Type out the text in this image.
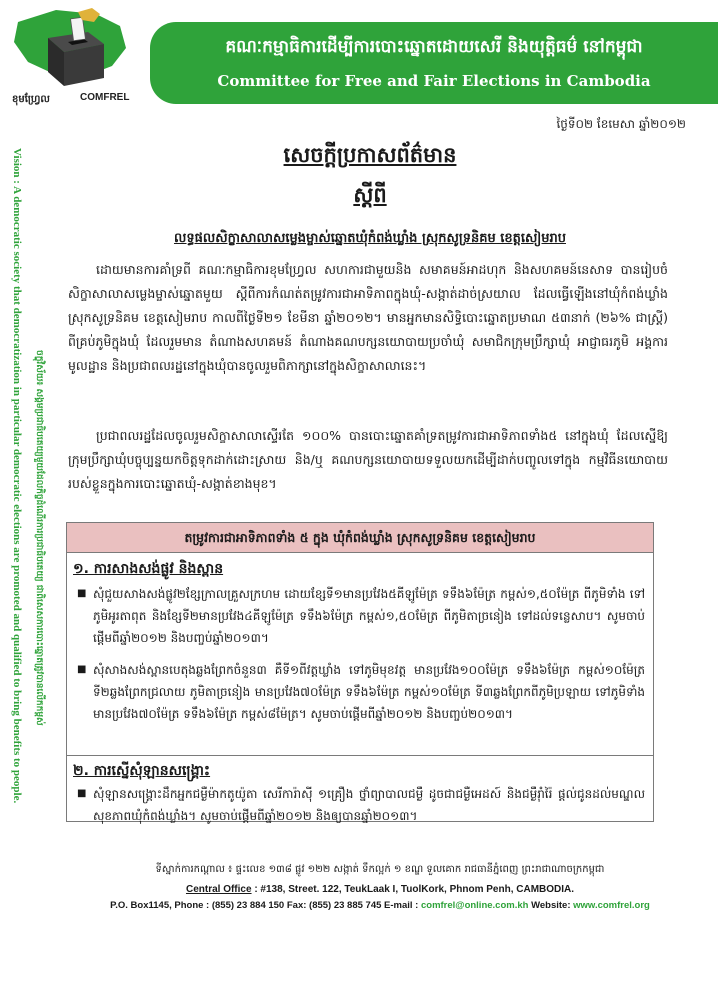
គណៈកម្មាធិការដើម្បីការបោះឆ្នោតដោយសេរី និងយុត្តិធម៌ នៅកម្ពុជា
Committee for Free and Fair Elections in Cambodia
ខុមហ្វ្រែល	COMFREL
ថ្ងៃទី០២ ខែមេសា ឆ្នាំ២០១២
Vision : A democratic society that democratization in particular democratic elections are promoted and qualified to bring benefits to people.	ចក្ខុវិស័យ៖ សង្គមប្រជាធិបតេយ្យមួយដែលកិច្ចដំណើរការប្រជាធិបតេយ្យ ជាពិសេសការបោះឆ្នោតត្រូវបានលើកកម្ពស់
សេចក្តីប្រកាសព័ត៌មាន
ស្តីពី
លទ្ធផលសិក្ខាសាលាសម្លេងម្ចាស់ឆ្នោតឃុំកំពង់ឃ្លាំង ស្រុកសូទ្រនិគម ខេត្តសៀមរាប
ដោយមានការគាំទ្រពី គណៈកម្មាធិការខុមហ្វ្រែល សហការជាមួយនិង សមាគមន៍អាដហុក និងសហគមន៍នេសាទ បានរៀបចំសិក្ខាសាលាសម្លេងម្ចាស់ឆ្នោតមួយ ស្តីពីការកំណត់តម្រូវការជាអាទិភាពក្នុងឃុំ-សង្កាត់ដាច់ស្រយាល ដែលធ្វើឡើងនៅឃុំកំពង់ឃ្លាំង ស្រុកសូទ្រនិគម ខេត្តសៀមរាប កាលពីថ្ងៃទី២១ ខែមីនា ឆ្នាំ២០១២។ មានអ្នកមានសិទ្ធិបោះឆ្នោតប្រមាណ ៥៣នាក់ (២៦% ជាស្ត្រី) ពីគ្រប់ភូមិក្នុងឃុំ ដែលរួមមាន តំណាងសហគមន៍ តំណាងគណបក្សនយោបាយប្រចាំឃុំ សមាជិកក្រុមប្រឹក្សាឃុំ អាជ្ញាធរភូមិ អង្គការមូលដ្ឋាន និងប្រជាពលរដ្ឋនៅក្នុងឃុំបានចូលរួមពិភាក្សានៅក្នុងសិក្ខាសាលានេះ។
ប្រជាពលរដ្ឋដែលចូលរួមសិក្ខាសាលាស្ទើរតែ ១០០% បានបោះឆ្នោតគាំទ្រតម្រូវការជាអាទិភាពទាំង៥ នៅក្នុងឃុំ ដែលស្នើឱ្យក្រុមប្រឹក្សាឃុំបច្ចុប្បន្នយកចិត្តទុកដាក់ដោះស្រាយ និង/ឬ គណបក្សនយោបាយទទួលយកដើម្បីដាក់បញ្ចូលទៅក្នុង កម្មវិធីនយោបាយរបស់ខ្លួនក្នុងការបោះឆ្នោតឃុំ-សង្កាត់ខាងមុខ។
តម្រូវការជាអាទិភាពទាំង ៥ ក្នុង ឃុំកំពង់ឃ្លាំង ស្រុកសូទ្រនិគម ខេត្តសៀមរាប
១. ការសាងសង់ផ្លូវ និងស្ពាន
■ សុំជួយសាងសង់ផ្លូវ២ខ្សែក្រាលគ្រួសក្រហម ដោយខ្សែទី១មានប្រវែង៥គីឡូម៉ែត្រ ទទឹង៦ម៉ែត្រ កម្ពស់១,៥០ម៉ែត្រ ពីភូមិទាំង ទៅភូមិអូរតាពុត និងខ្សែទី២មានប្រវែង៤គីឡូម៉ែត្រ ទទឹង៦ម៉ែត្រ កម្ពស់១,៥០ម៉ែត្រ ពីភូមិតាច្រនៀង ទៅដល់ទន្លេសាប។ សូមចាប់ផ្តើមពីឆ្នាំ២០១២ និងបញ្ចប់ឆ្នាំ២០១៣។
■ សុំសាងសង់ស្ពានបេតុងឆ្លងព្រែកចំនួន៣ គឺទី១ពីវត្តឃ្លាំង ទៅភូមិមុខវត្ត មានប្រវែង១០០ម៉ែត្រ ទទឹង៦ម៉ែត្រ កម្ពស់១០ម៉ែត្រ ទី២ឆ្លងព្រែកជ្រលាយ ភូមិតាច្រនៀង មានប្រវែង៧០ម៉ែត្រ ទទឹង៦ម៉ែត្រ កម្ពស់១០ម៉ែត្រ ទី៣ឆ្លងព្រែកពីភូមិប្រឡាយ ទៅភូមិទាំង មានប្រវែង៧០ម៉ែត្រ ទទឹង៦ម៉ែត្រ កម្ពស់៨ម៉ែត្រ។ សូមចាប់ផ្តើមពីឆ្នាំ២០១២ និងបញ្ចប់២០១៣។
២. ការស្នើសុំឡានសង្គ្រោះ
■ សុំឡានសង្គ្រោះដឹកអ្នកជម្ងឺម៉ាកតូយ៉ូតា សេរីការ៉ាស៊ី ១គ្រឿង ថ្នាំព្យាបាលជម្ងឺ ដូចជាជម្ងឺអេដស៍ និងជម្ងឺរ៉ាំរ៉ៃ ផ្តល់ជូនដល់មណ្ឌលសុខភាពឃុំកំពង់ឃ្លាំង។ សូមចាប់ផ្តើមពីឆ្នាំ២០១២ និងឲ្យបានឆ្នាំ២០១៣។
ទីស្នាក់ការកណ្តាល ៖ ផ្ទះលេខ ១៣៨ ផ្លូវ ១២២ សង្កាត់ ទឹកល្អក់ ១ ខណ្ឌ ទួលគោក រាជធានីភ្នំពេញ ព្រះរាជាណាចក្រកម្ពុជា
Central Office : #138, Street. 122, TeukLaak I, TuolKork, Phnom Penh, CAMBODIA.
P.O. Box1145, Phone : (855) 23 884 150 Fax: (855) 23 885 745 E-mail : comfrel@online.com.kh Website: www.comfrel.org
